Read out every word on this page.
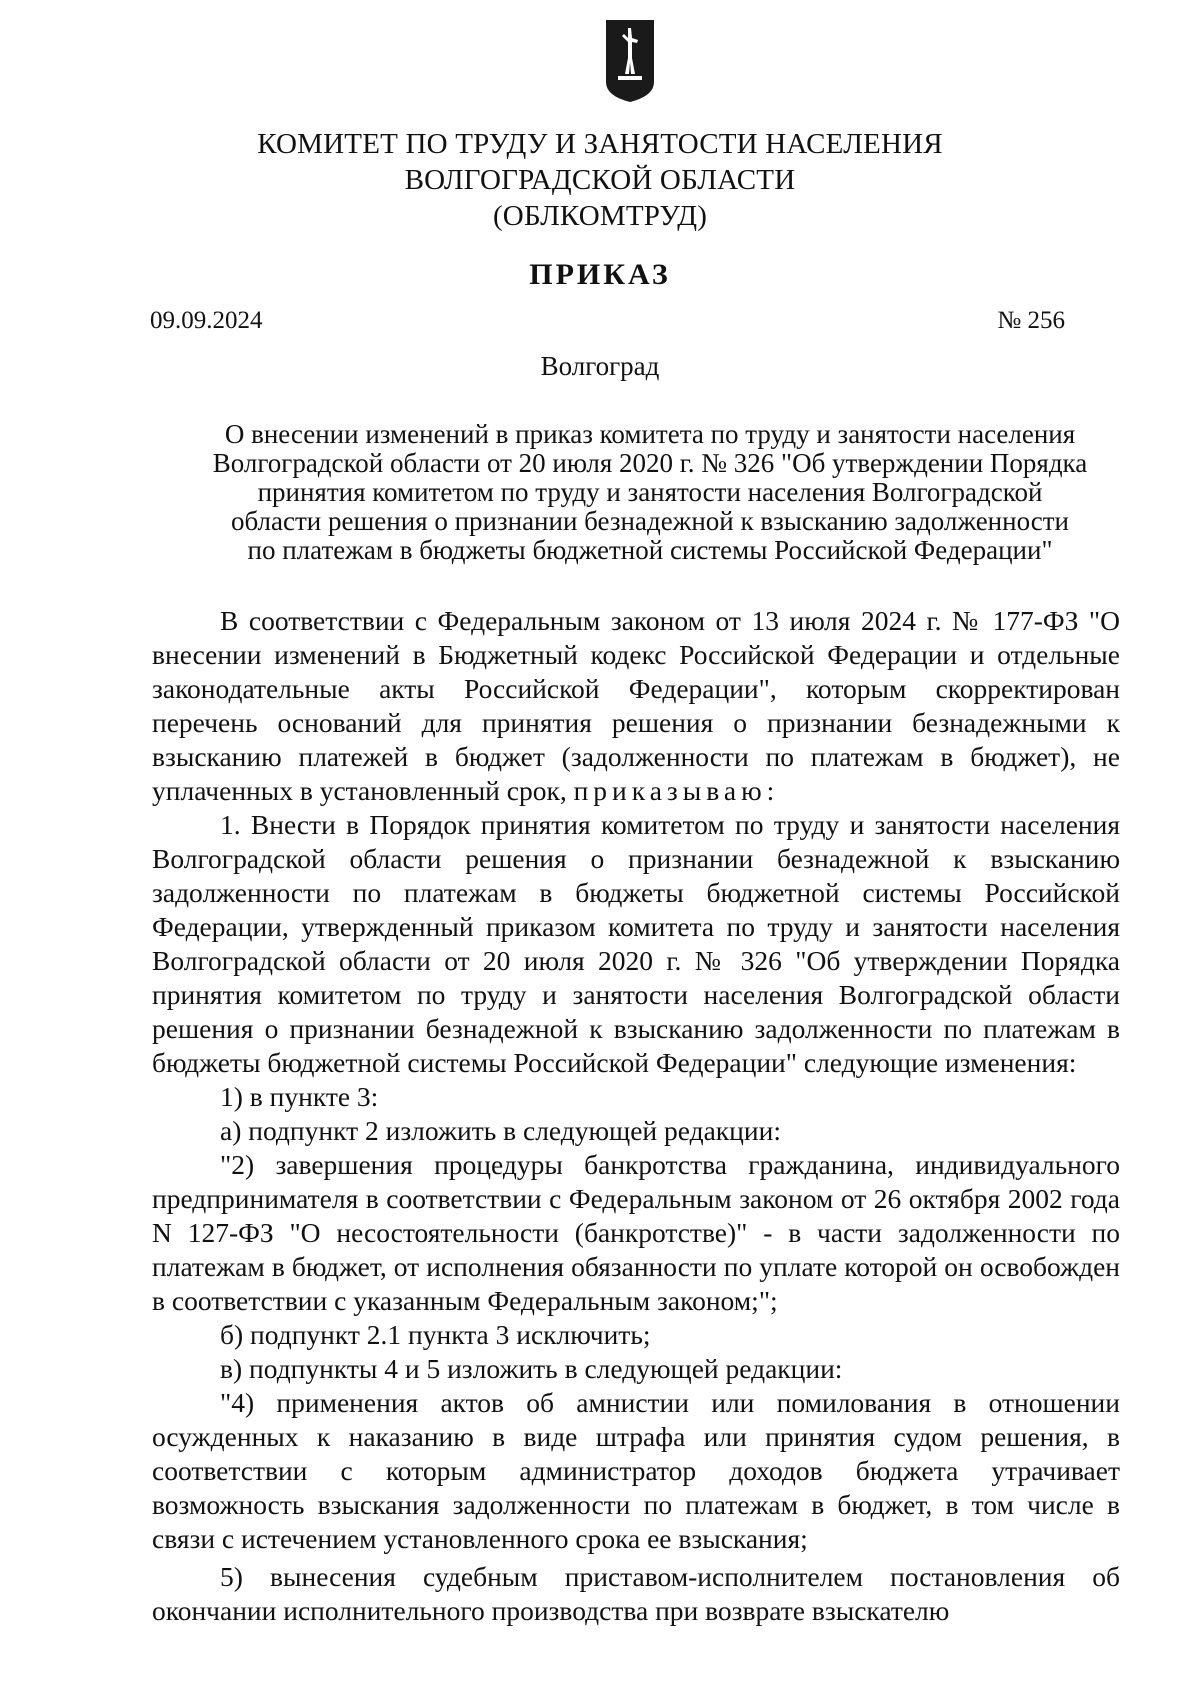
КОМИТЕТ ПО ТРУДУ И ЗАНЯТОСТИ НАСЕЛЕНИЯ
ВОЛГОГРАДСКОЙ ОБЛАСТИ
(ОБЛКОМТРУД)
ПРИКАЗ
09.09.2024	№ 256
Волгоград
О внесении изменений в приказ комитета по труду и занятости населения
Волгоградской области от 20 июля 2020 г. № 326 "Об утверждении Порядка
принятия комитетом по труду и занятости населения Волгоградской
области решения о признании безнадежной к взысканию задолженности
по платежам в бюджеты бюджетной системы Российской Федерации"

В соответствии с Федеральным законом от 13 июля 2024 г. № 177-ФЗ "О внесении изменений в Бюджетный кодекс Российской Федерации и отдельные законодательные акты Российской Федерации", которым скорректирован перечень оснований для принятия решения о признании безнадежными к взысканию платежей в бюджет (задолженности по платежам в бюджет), не уплаченных в установленный срок, приказываю:

1. Внести в Порядок принятия комитетом по труду и занятости населения Волгоградской области решения о признании безнадежной к взысканию задолженности по платежам в бюджеты бюджетной системы Российской Федерации, утвержденный приказом комитета по труду и занятости населения Волгоградской области от 20 июля 2020 г. № 326 "Об утверждении Порядка принятия комитетом по труду и занятости населения Волгоградской области решения о признании безнадежной к взысканию задолженности по платежам в бюджеты бюджетной системы Российской Федерации" следующие изменения:

1) в пункте 3:

а) подпункт 2 изложить в следующей редакции:

"2) завершения процедуры банкротства гражданина, индивидуального предпринимателя в соответствии с Федеральным законом от 26 октября 2002 года N 127-ФЗ "О несостоятельности (банкротстве)" - в части задолженности по платежам в бюджет, от исполнения обязанности по уплате которой он освобожден в соответствии с указанным Федеральным законом;";

б) подпункт 2.1 пункта 3 исключить;

в) подпункты 4 и 5 изложить в следующей редакции:

"4) применения актов об амнистии или помилования в отношении осужденных к наказанию в виде штрафа или принятия судом решения, в соответствии с которым администратор доходов бюджета утрачивает возможность взыскания задолженности по платежам в бюджет, в том числе в связи с истечением установленного срока ее взыскания;

5) вынесения судебным приставом-исполнителем постановления об окончании исполнительного производства при возврате взыскателю
